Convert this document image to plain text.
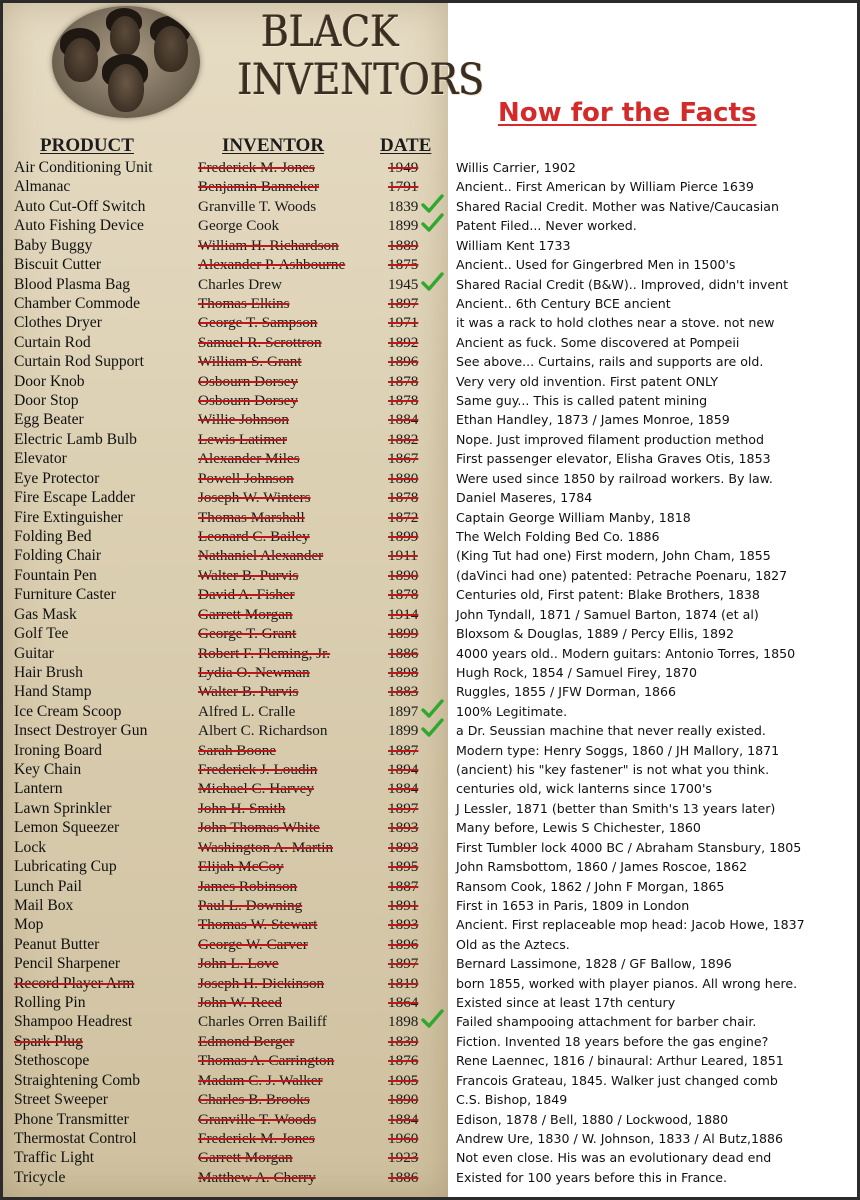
BLACK
INVENTORS
Now for the Facts
PRODUCT	INVENTOR	DATE
Air Conditioning Unit	Frederick M. Jones	1949	Willis Carrier, 1902
Almanac	Benjamin Banneker	1791	Ancient.. First American by William Pierce 1639
Auto Cut-Off Switch	Granville T. Woods	1839	Shared Racial Credit. Mother was Native/Caucasian
Auto Fishing Device	George Cook	1899	Patent Filed... Never worked.
Baby Buggy	William H. Richardson	1889	William Kent 1733
Biscuit Cutter	Alexander P. Ashbourne	1875	Ancient.. Used for Gingerbred Men in 1500's
Blood Plasma Bag	Charles Drew	1945	Shared Racial Credit (B&W).. Improved, didn't invent
Chamber Commode	Thomas Elkins	1897	Ancient.. 6th Century BCE ancient
Clothes Dryer	George T. Sampson	1971	it was a rack to hold clothes near a stove. not new
Curtain Rod	Samuel R. Scrottron	1892	Ancient as fuck. Some discovered at Pompeii
Curtain Rod Support	William S. Grant	1896	See above... Curtains, rails and supports are old.
Door Knob	Osbourn Dorsey	1878	Very very old invention. First patent ONLY
Door Stop	Osbourn Dorsey	1878	Same guy... This is called patent mining
Egg Beater	Willie Johnson	1884	Ethan Handley, 1873 / James Monroe, 1859
Electric Lamb Bulb	Lewis Latimer	1882	Nope. Just improved filament production method
Elevator	Alexander Miles	1867	First passenger elevator, Elisha Graves Otis, 1853
Eye Protector	Powell Johnson	1880	Were used since 1850 by railroad workers. By law.
Fire Escape Ladder	Joseph W. Winters	1878	Daniel Maseres, 1784
Fire Extinguisher	Thomas Marshall	1872	Captain George William Manby, 1818
Folding Bed	Leonard C. Bailey	1899	The Welch Folding Bed Co. 1886
Folding Chair	Nathaniel Alexander	1911	(King Tut had one) First modern, John Cham, 1855
Fountain Pen	Walter B. Purvis	1890	(daVinci had one) patented: Petrache Poenaru, 1827
Furniture Caster	David A. Fisher	1878	Centuries old, First patent: Blake Brothers, 1838
Gas Mask	Garrett Morgan	1914	John Tyndall, 1871 / Samuel Barton, 1874 (et al)
Golf Tee	George T. Grant	1899	Bloxsom & Douglas, 1889 / Percy Ellis, 1892
Guitar	Robert F. Fleming, Jr.	1886	4000 years old.. Modern guitars: Antonio Torres, 1850
Hair Brush	Lydia O. Newman	1898	Hugh Rock, 1854 / Samuel Firey, 1870
Hand Stamp	Walter B. Purvis	1883	Ruggles, 1855 / JFW Dorman, 1866
Ice Cream Scoop	Alfred L. Cralle	1897	100% Legitimate.
Insect Destroyer Gun	Albert C. Richardson	1899	a Dr. Seussian machine that never really existed.
Ironing Board	Sarah Boone	1887	Modern type: Henry Soggs, 1860 / JH Mallory, 1871
Key Chain	Frederick J. Loudin	1894	(ancient) his "key fastener" is not what you think.
Lantern	Michael C. Harvey	1884	centuries old, wick lanterns since 1700's
Lawn Sprinkler	John H. Smith	1897	J Lessler, 1871 (better than Smith's 13 years later)
Lemon Squeezer	John Thomas White	1893	Many before, Lewis S Chichester, 1860
Lock	Washington A. Martin	1893	First Tumbler lock 4000 BC / Abraham Stansbury, 1805
Lubricating Cup	Elijah McCoy	1895	John Ramsbottom, 1860 / James Roscoe, 1862
Lunch Pail	James Robinson	1887	Ransom Cook, 1862 / John F Morgan, 1865
Mail Box	Paul L. Downing	1891	First in 1653 in Paris, 1809 in London
Mop	Thomas W. Stewart	1893	Ancient. First replaceable mop head: Jacob Howe, 1837
Peanut Butter	George W. Carver	1896	Old as the Aztecs.
Pencil Sharpener	John L. Love	1897	Bernard Lassimone, 1828 / GF Ballow, 1896
Record Player Arm	Joseph H. Dickinson	1819	born 1855, worked with player pianos. All wrong here.
Rolling Pin	John W. Reed	1864	Existed since at least 17th century
Shampoo Headrest	Charles Orren Bailiff	1898	Failed shampooing attachment for barber chair.
Spark Plug	Edmond Berger	1839	Fiction. Invented 18 years before the gas engine?
Stethoscope	Thomas A. Carrington	1876	Rene Laennec, 1816 / binaural: Arthur Leared, 1851
Straightening Comb	Madam C. J. Walker	1905	Francois Grateau, 1845. Walker just changed comb
Street Sweeper	Charles B. Brooks	1890	C.S. Bishop, 1849
Phone Transmitter	Granville T. Woods	1884	Edison, 1878 / Bell, 1880 / Lockwood, 1880
Thermostat Control	Frederick M. Jones	1960	Andrew Ure, 1830 / W. Johnson, 1833 / Al Butz,1886
Traffic Light	Garrett Morgan	1923	Not even close. His was an evolutionary dead end
Tricycle	Matthew A. Cherry	1886	Existed for 100 years before this in France.
